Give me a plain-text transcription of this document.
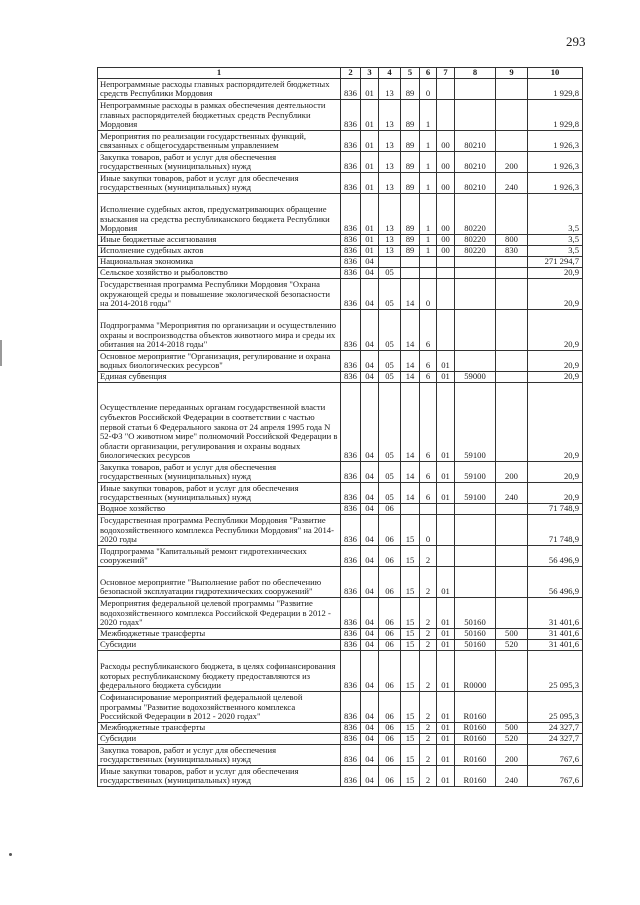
293
1	2	3	4	5	6	7	8	9	10
Непрограммные расходы главных распорядителей бюджетных средств Республики Мордовия	836	01	13	89	0				1 929,8
Непрограммные расходы в рамках обеспечения деятельности главных распорядителей бюджетных средств Республики Мордовия	836	01	13	89	1				1 929,8
Мероприятия по реализации государственных функций, связанных с общегосударственным управлением	836	01	13	89	1	00	80210		1 926,3
Закупка товаров, работ и услуг для обеспечения государственных (муниципальных) нужд	836	01	13	89	1	00	80210	200	1 926,3
Иные закупки товаров, работ и услуг для обеспечения государственных (муниципальных) нужд	836	01	13	89	1	00	80210	240	1 926,3
Исполнение судебных актов, предусматривающих обращение взыскания на средства республиканского бюджета Республики Мордовия	836	01	13	89	1	00	80220		3,5
Иные бюджетные ассигнования	836	01	13	89	1	00	80220	800	3,5
Исполнение судебных актов	836	01	13	89	1	00	80220	830	3,5
Национальная экономика	836	04							271 294,7
Сельское хозяйство и рыболовство	836	04	05						20,9
Государственная программа Республики Мордовия "Охрана окружающей среды и повышение экологической безопасности на 2014-2018 годы"	836	04	05	14	0				20,9
Подпрограмма "Мероприятия по организации и осуществлению охраны и воспроизводства объектов животного мира и среды их обитания на 2014-2018 годы"	836	04	05	14	6				20,9
Основное мероприятие "Организация, регулирование и охрана водных биологических ресурсов"	836	04	05	14	6	01			20,9
Единая субвенция	836	04	05	14	6	01	59000		20,9
Осуществление переданных органам государственной власти субъектов Российской Федерации в соответствии с частью первой статьи 6 Федерального закона от 24 апреля 1995 года N 52-ФЗ "О животном мире" полномочий Российской Федерации в области организации, регулирования и охраны водных биологических ресурсов	836	04	05	14	6	01	59100		20,9
Закупка товаров, работ и услуг для обеспечения государственных (муниципальных) нужд	836	04	05	14	6	01	59100	200	20,9
Иные закупки товаров, работ и услуг для обеспечения государственных (муниципальных) нужд	836	04	05	14	6	01	59100	240	20,9
Водное хозяйство	836	04	06						71 748,9
Государственная программа Республики Мордовия "Развитие водохозяйственного комплекса Республики Мордовия" на 2014-2020 годы	836	04	06	15	0				71 748,9
Подпрограмма "Капитальный ремонт гидротехнических сооружений"	836	04	06	15	2				56 496,9
Основное мероприятие "Выполнение работ по обеспечению безопасной эксплуатации гидротехнических сооружений"	836	04	06	15	2	01			56 496,9
Мероприятия федеральной целевой программы "Развитие водохозяйственного комплекса Российской Федерации в 2012 - 2020 годах"	836	04	06	15	2	01	50160		31 401,6
Межбюджетные трансферты	836	04	06	15	2	01	50160	500	31 401,6
Субсидии	836	04	06	15	2	01	50160	520	31 401,6
Расходы республиканского бюджета, в целях софинансирования которых республиканскому бюджету предоставляются из федерального бюджета субсидии	836	04	06	15	2	01	R0000		25 095,3
Софинансирование мероприятий федеральной целевой программы "Развитие водохозяйственного комплекса Российской Федерации в 2012 - 2020 годах"	836	04	06	15	2	01	R0160		25 095,3
Межбюджетные трансферты	836	04	06	15	2	01	R0160	500	24 327,7
Субсидии	836	04	06	15	2	01	R0160	520	24 327,7
Закупка товаров, работ и услуг для обеспечения государственных (муниципальных) нужд	836	04	06	15	2	01	R0160	200	767,6
Иные закупки товаров, работ и услуг для обеспечения государственных (муниципальных) нужд	836	04	06	15	2	01	R0160	240	767,6
